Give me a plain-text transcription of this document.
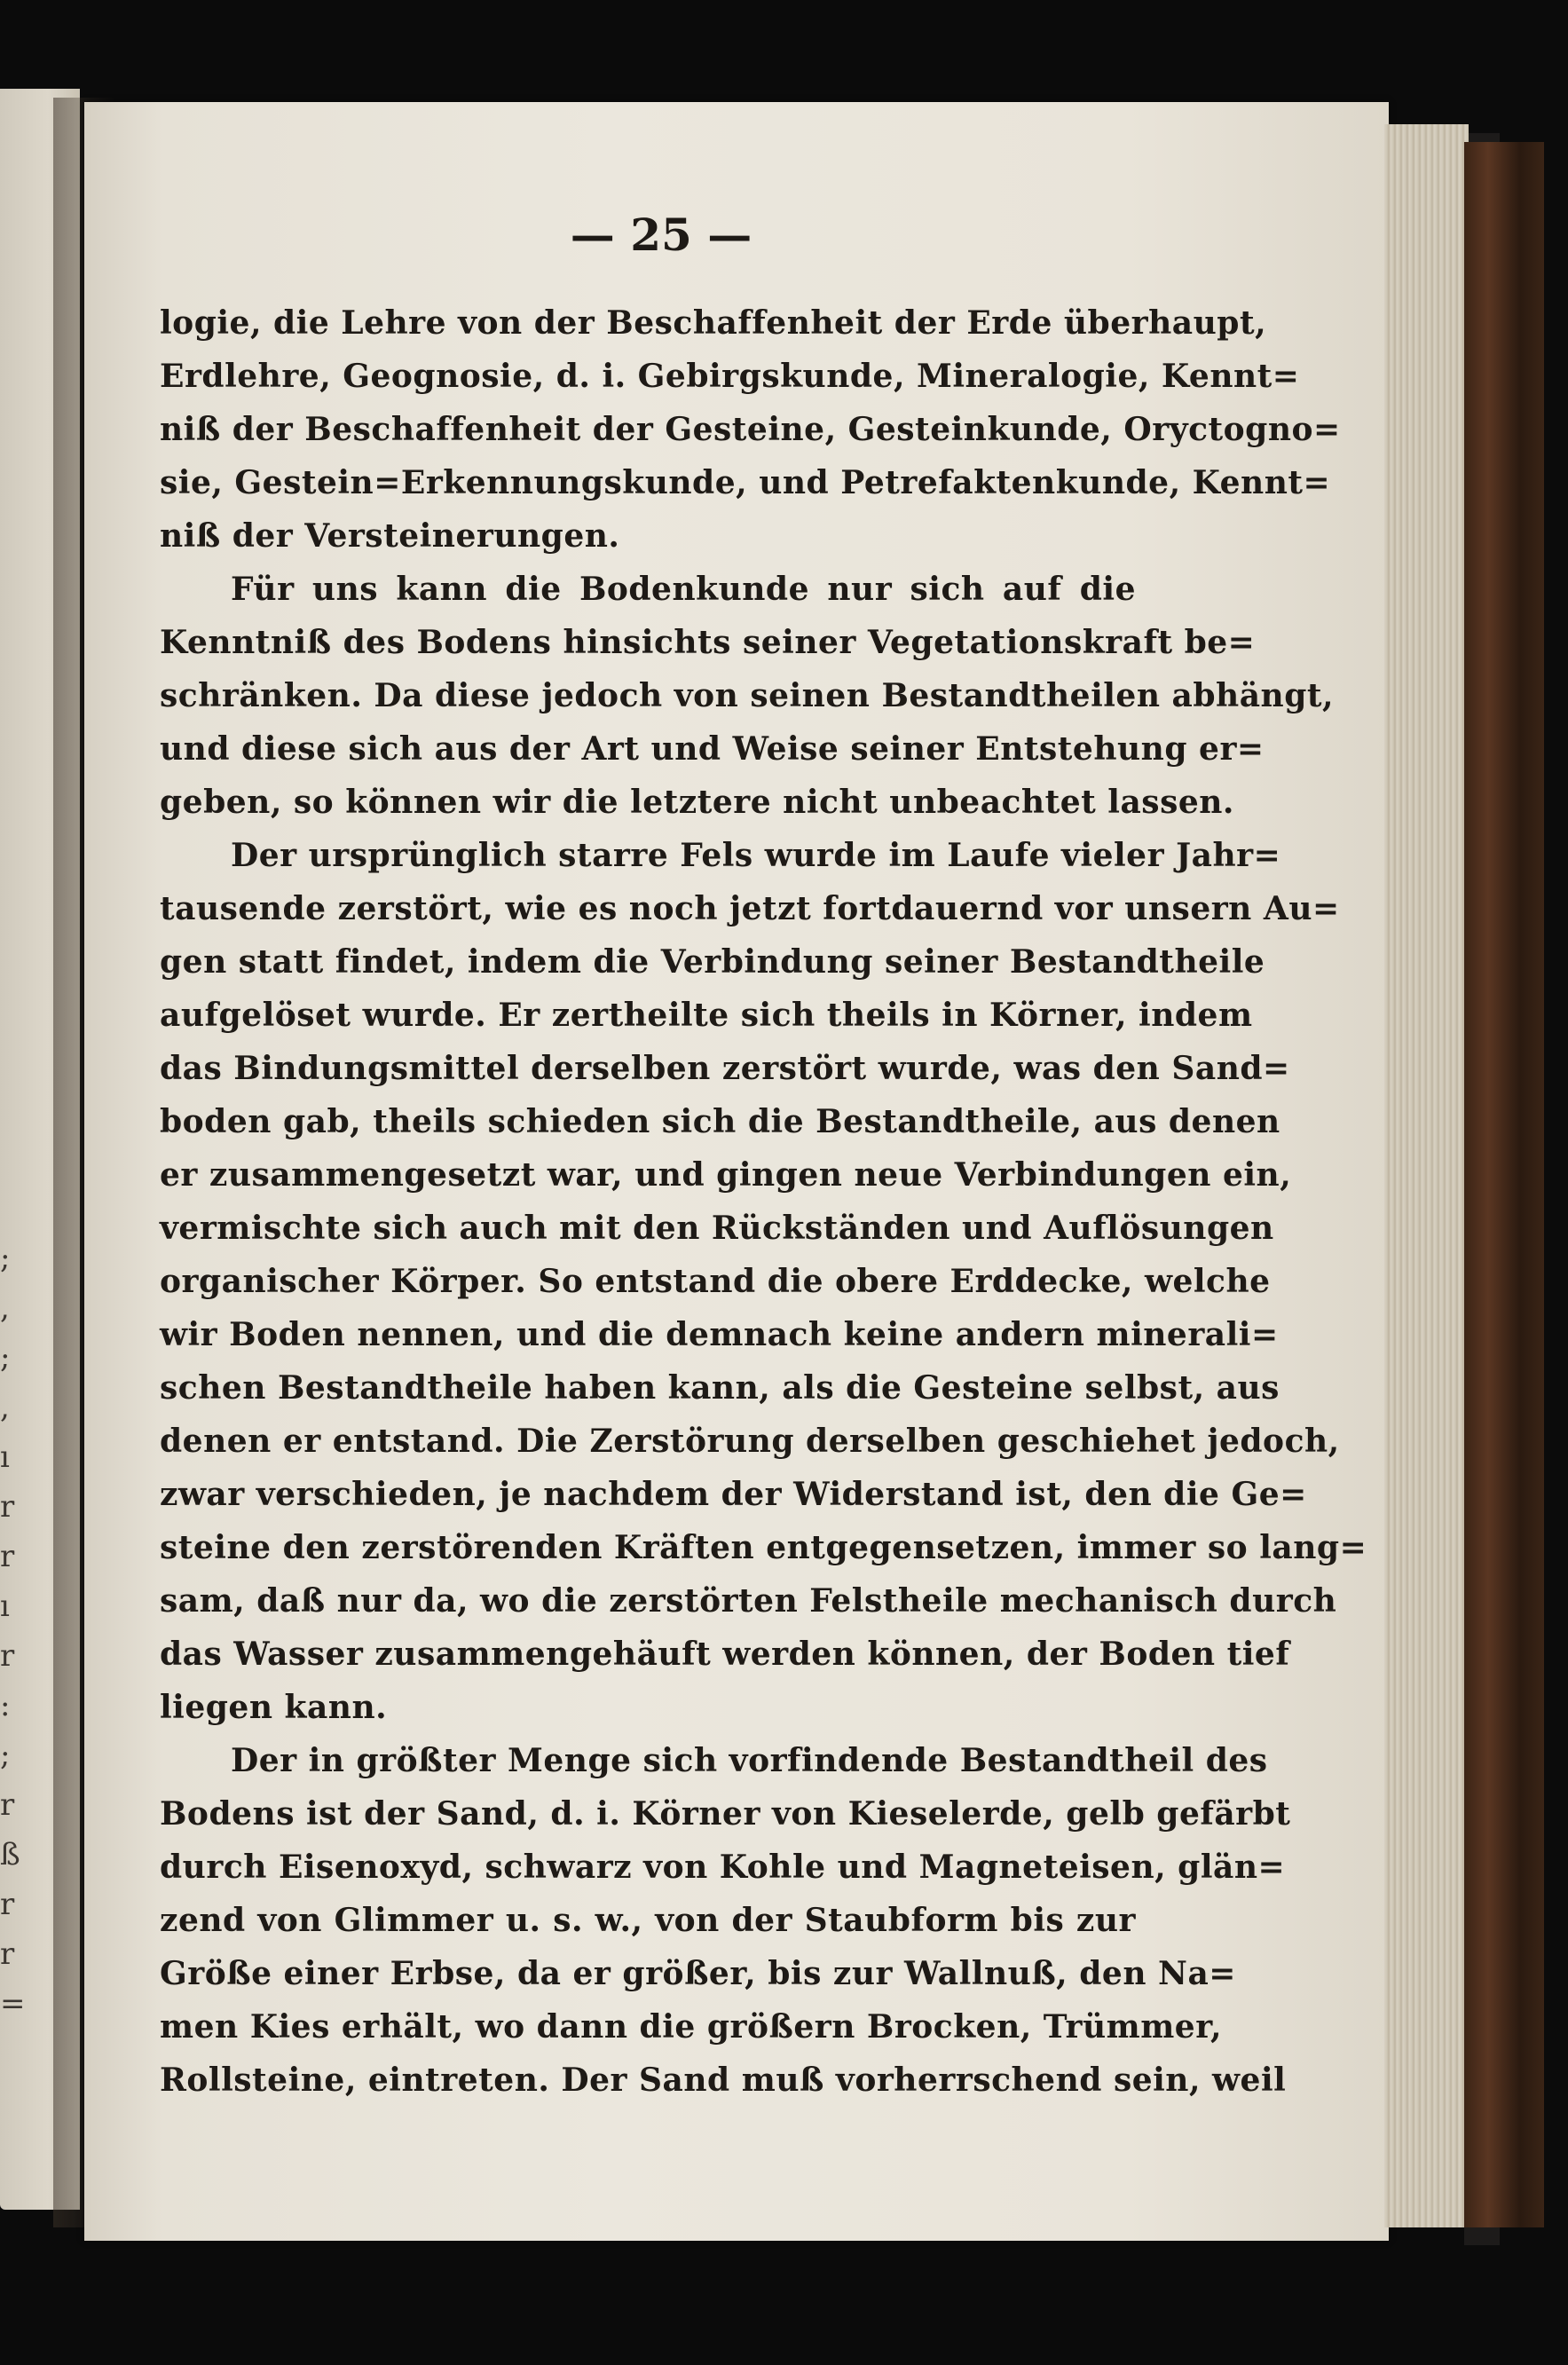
;
,
;
,
ı
r
r
ı
r
:
;
r
ß
r
r
=
— 25 —

logie, die Lehre von der Beschaffenheit der Erde überhaupt,
Erdlehre, Geognosie, d. i. Gebirgskunde, Mineralogie, Kennt=
niß der Beschaffenheit der Gesteine, Gesteinkunde, Oryctogno=
sie, Gestein=Erkennungskunde, und Petrefaktenkunde, Kennt=
niß der Versteinerungen.

Für uns kann die Bodenkunde nur sich auf die
Kenntniß des Bodens hinsichts seiner Vegetationskraft be=
schränken. Da diese jedoch von seinen Bestandtheilen abhängt,
und diese sich aus der Art und Weise seiner Entstehung er=
geben, so können wir die letztere nicht unbeachtet lassen.

Der ursprünglich starre Fels wurde im Laufe vieler Jahr=
tausende zerstört, wie es noch jetzt fortdauernd vor unsern Au=
gen statt findet, indem die Verbindung seiner Bestandtheile
aufgelöset wurde. Er zertheilte sich theils in Körner, indem
das Bindungsmittel derselben zerstört wurde, was den Sand=
boden gab, theils schieden sich die Bestandtheile, aus denen
er zusammengesetzt war, und gingen neue Verbindungen ein,
vermischte sich auch mit den Rückständen und Auflösungen
organischer Körper. So entstand die obere Erddecke, welche
wir Boden nennen, und die demnach keine andern minerali=
schen Bestandtheile haben kann, als die Gesteine selbst, aus
denen er entstand. Die Zerstörung derselben geschiehet jedoch,
zwar verschieden, je nachdem der Widerstand ist, den die Ge=
steine den zerstörenden Kräften entgegensetzen, immer so lang=
sam, daß nur da, wo die zerstörten Felstheile mechanisch durch
das Wasser zusammengehäuft werden können, der Boden tief
liegen kann.

Der in größter Menge sich vorfindende Bestandtheil des
Bodens ist der Sand, d. i. Körner von Kieselerde, gelb gefärbt
durch Eisenoxyd, schwarz von Kohle und Magneteisen, glän=
zend von Glimmer u. s. w., von der Staubform bis zur
Größe einer Erbse, da er größer, bis zur Wallnuß, den Na=
men Kies erhält, wo dann die größern Brocken, Trümmer,
Rollsteine, eintreten. Der Sand muß vorherrschend sein, weil
